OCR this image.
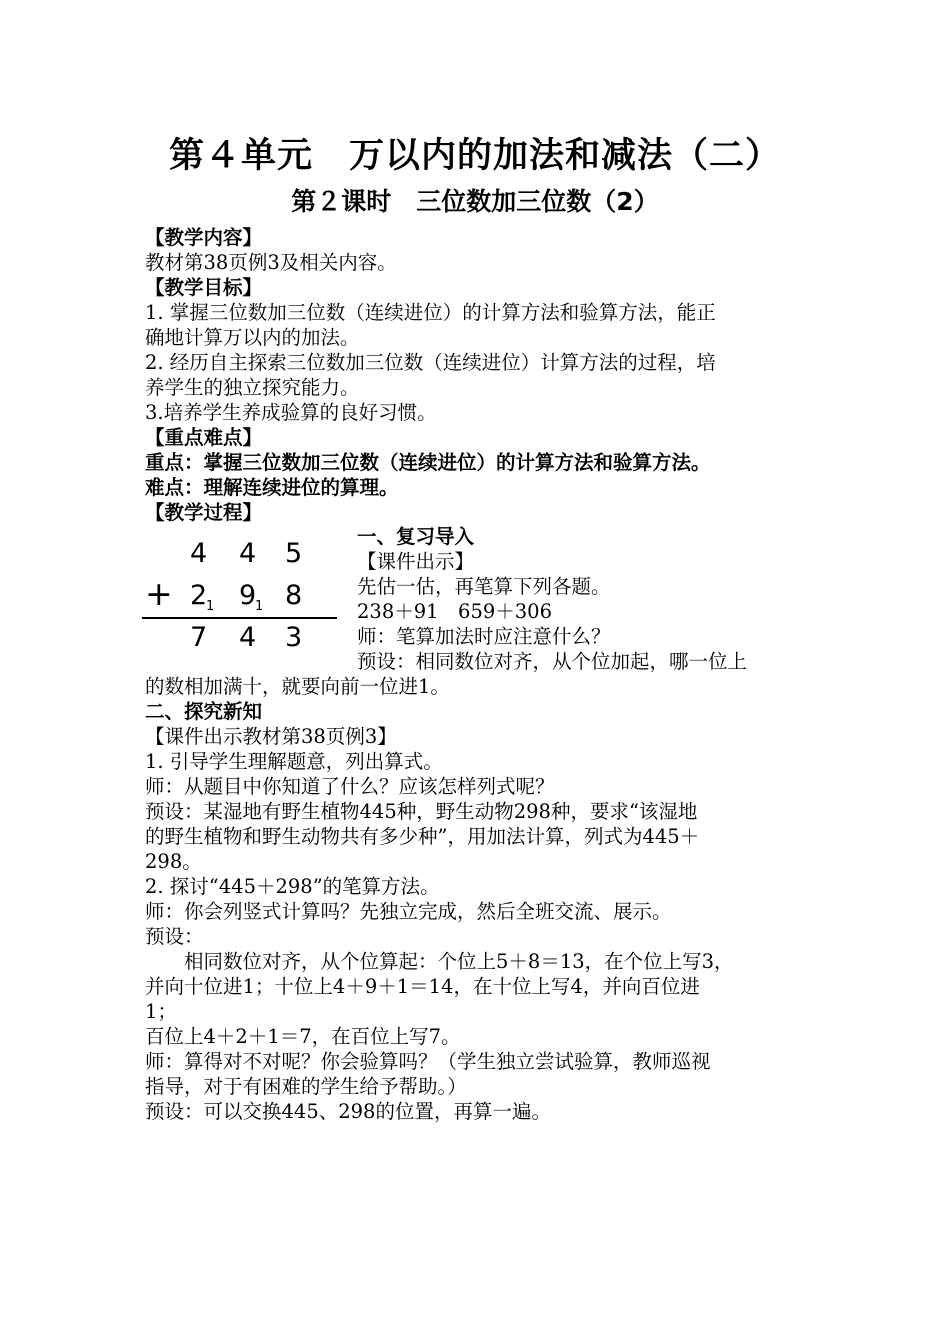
第４单元　万以内的加法和减法（二）
第２课时　三位数加三位数（2）
【教学内容】
教材第38页例3及相关内容。
【教学目标】
1. 掌握三位数加三位数（连续进位）的计算方法和验算方法，能正
确地计算万以内的加法。
2. 经历自主探索三位数加三位数（连续进位）计算方法的过程，培
养学生的独立探究能力。
3.培养学生养成验算的良好习惯。
【重点难点】
重点：掌握三位数加三位数（连续进位）的计算方法和验算方法。
难点：理解连续进位的算理。
【教学过程】
4 4 5
+ 2
1 9
1 8
7 4 3
一、复习导入
【课件出示】
先估一估，再笔算下列各题。
238＋91　659＋306
师：笔算加法时应注意什么？
预设：相同数位对齐，从个位加起，哪一位上
的数相加满十，就要向前一位进1。
二、探究新知
【课件出示教材第38页例3】
1. 引导学生理解题意，列出算式。
师：从题目中你知道了什么？应该怎样列式呢？
预设：某湿地有野生植物445种，野生动物298种，要求“该湿地
的野生植物和野生动物共有多少种”，用加法计算，列式为445＋
298。
2. 探讨“445＋298”的笔算方法。
师：你会列竖式计算吗？先独立完成，然后全班交流、展示。
预设：
　　相同数位对齐，从个位算起：个位上5＋8＝13，在个位上写3，
并向十位进1；十位上4＋9＋1＝14，在十位上写4，并向百位进
1；
百位上4＋2＋1＝7，在百位上写7。
师：算得对不对呢？你会验算吗？（学生独立尝试验算，教师巡视
指导，对于有困难的学生给予帮助。）
预设：可以交换445、298的位置，再算一遍。
